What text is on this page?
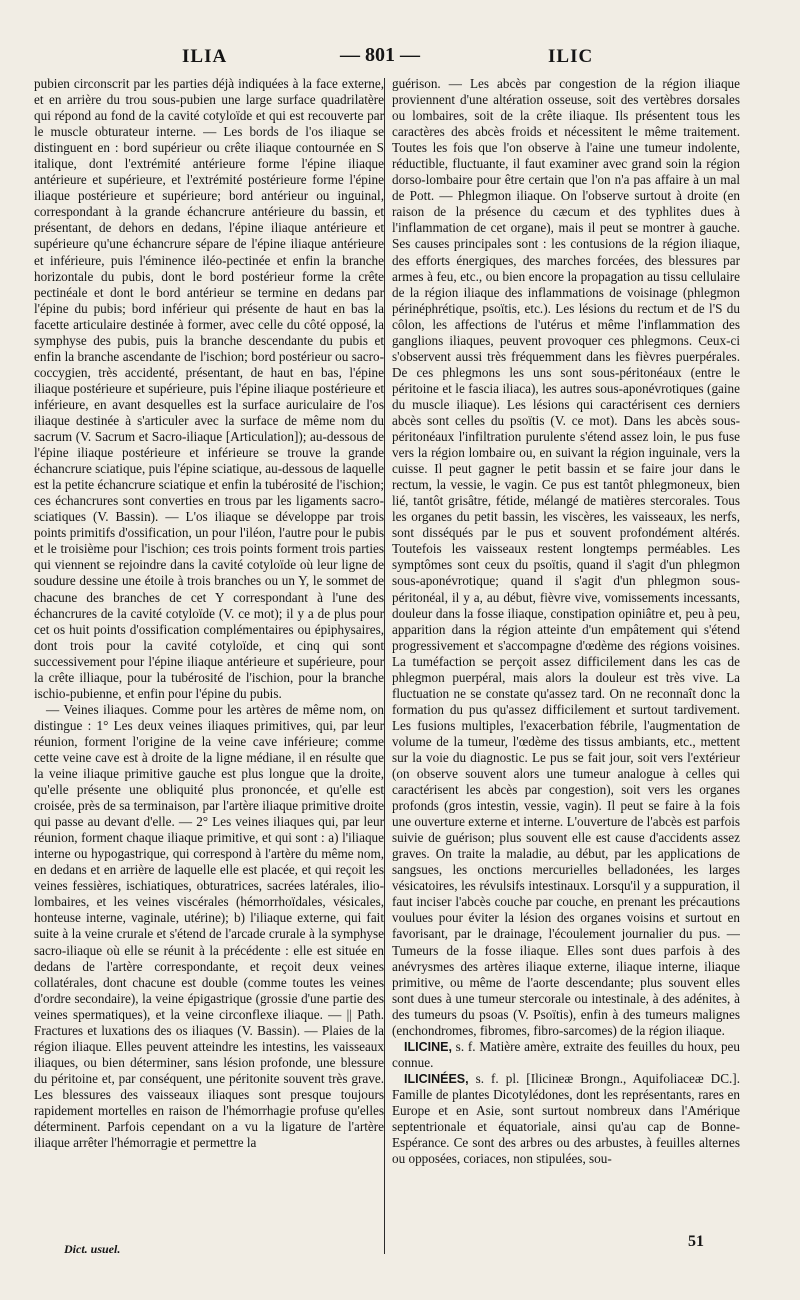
ILIA	— 801 —	ILIC

pubien circonscrit par les parties déjà indiquées à la face externe, et en arrière du trou sous-pubien une large surface quadrilatère qui répond au fond de la cavité cotyloïde et qui est recouverte par le muscle obturateur interne. — Les bords de l'os iliaque se distinguent en : bord supérieur ou crête iliaque contournée en S italique, dont l'extrémité antérieure forme l'épine iliaque antérieure et supérieure, et l'extrémité postérieure forme l'épine iliaque postérieure et supérieure; bord antérieur ou inguinal, correspondant à la grande échancrure antérieure du bassin, et présentant, de dehors en dedans, l'épine iliaque antérieure et supérieure qu'une échancrure sépare de l'épine iliaque antérieure et inférieure, puis l'éminence iléo-pectinée et enfin la branche horizontale du pubis, dont le bord postérieur forme la crête pectinéale et dont le bord antérieur se termine en dedans par l'épine du pubis; bord inférieur qui présente de haut en bas la facette articulaire destinée à former, avec celle du côté opposé, la symphyse des pubis, puis la branche descendante du pubis et enfin la branche ascendante de l'ischion; bord postérieur ou sacro-coccygien, très accidenté, présentant, de haut en bas, l'épine iliaque postérieure et supérieure, puis l'épine iliaque postérieure et inférieure, en avant desquelles est la surface auriculaire de l'os iliaque destinée à s'articuler avec la surface de même nom du sacrum (V. Sacrum et Sacro-iliaque [Articulation]); au-dessous de l'épine iliaque postérieure et inférieure se trouve la grande échancrure sciatique, puis l'épine sciatique, au-dessous de laquelle est la petite échancrure sciatique et enfin la tubérosité de l'ischion; ces échancrures sont converties en trous par les ligaments sacro-sciatiques (V. Bassin). — L'os iliaque se développe par trois points primitifs d'ossification, un pour l'iléon, l'autre pour le pubis et le troisième pour l'ischion; ces trois points forment trois parties qui viennent se rejoindre dans la cavité cotyloïde où leur ligne de soudure dessine une étoile à trois branches ou un Y, le sommet de chacune des branches de cet Y correspondant à l'une des échancrures de la cavité cotyloïde (V. ce mot); il y a de plus pour cet os huit points d'ossification complémentaires ou épiphysaires, dont trois pour la cavité cotyloïde, et cinq qui sont successivement pour l'épine iliaque antérieure et supérieure, pour la crête illiaque, pour la tubérosité de l'ischion, pour la branche ischio-pubienne, et enfin pour l'épine du pubis.

— Veines iliaques. Comme pour les artères de même nom, on distingue : 1° Les deux veines iliaques primitives, qui, par leur réunion, forment l'origine de la veine cave inférieure; comme cette veine cave est à droite de la ligne médiane, il en résulte que la veine iliaque primitive gauche est plus longue que la droite, qu'elle présente une obliquité plus prononcée, et qu'elle est croisée, près de sa terminaison, par l'artère iliaque primitive droite qui passe au devant d'elle. — 2° Les veines iliaques qui, par leur réunion, forment chaque iliaque primitive, et qui sont : a) l'iliaque interne ou hypogastrique, qui correspond à l'artère du même nom, en dedans et en arrière de laquelle elle est placée, et qui reçoit les veines fessières, ischiatiques, obturatrices, sacrées latérales, ilio-lombaires, et les veines viscérales (hémorrhoïdales, vésicales, honteuse interne, vaginale, utérine); b) l'iliaque externe, qui fait suite à la veine crurale et s'étend de l'arcade crurale à la symphyse sacro-iliaque où elle se réunit à la précédente : elle est située en dedans de l'artère correspondante, et reçoit deux veines collatérales, dont chacune est double (comme toutes les veines d'ordre secondaire), la veine épigastrique (grossie d'une partie des veines spermatiques), et la veine circonflexe iliaque. — || Path. Fractures et luxations des os iliaques (V. Bassin). — Plaies de la région iliaque. Elles peuvent atteindre les intestins, les vaisseaux iliaques, ou bien déterminer, sans lésion profonde, une blessure du péritoine et, par conséquent, une péritonite souvent très grave. Les blessures des vaisseaux iliaques sont presque toujours rapidement mortelles en raison de l'hémorrhagie profuse qu'elles déterminent. Parfois cependant on a vu la ligature de l'artère iliaque arrêter l'hémorragie et permettre la

guérison. — Les abcès par congestion de la région iliaque proviennent d'une altération osseuse, soit des vertèbres dorsales ou lombaires, soit de la crête iliaque. Ils présentent tous les caractères des abcès froids et nécessitent le même traitement. Toutes les fois que l'on observe à l'aine une tumeur indolente, réductible, fluctuante, il faut examiner avec grand soin la région dorso-lombaire pour être certain que l'on n'a pas affaire à un mal de Pott. — Phlegmon iliaque. On l'observe surtout à droite (en raison de la présence du cæcum et des typhlites dues à l'inflammation de cet organe), mais il peut se montrer à gauche. Ses causes principales sont : les contusions de la région iliaque, des efforts énergiques, des marches forcées, des blessures par armes à feu, etc., ou bien encore la propagation au tissu cellulaire de la région iliaque des inflammations de voisinage (phlegmon périnéphrétique, psoïtis, etc.). Les lésions du rectum et de l'S du côlon, les affections de l'utérus et même l'inflammation des ganglions iliaques, peuvent provoquer ces phlegmons. Ceux-ci s'observent aussi très fréquemment dans les fièvres puerpérales. De ces phlegmons les uns sont sous-péritonéaux (entre le péritoine et le fascia iliaca), les autres sous-aponévrotiques (gaine du muscle iliaque). Les lésions qui caractérisent ces derniers abcès sont celles du psoïtis (V. ce mot). Dans les abcès sous-péritonéaux l'infiltration purulente s'étend assez loin, le pus fuse vers la région lombaire ou, en suivant la région inguinale, vers la cuisse. Il peut gagner le petit bassin et se faire jour dans le rectum, la vessie, le vagin. Ce pus est tantôt phlegmoneux, bien lié, tantôt grisâtre, fétide, mélangé de matières stercorales. Tous les organes du petit bassin, les viscères, les vaisseaux, les nerfs, sont disséqués par le pus et souvent profondément altérés. Toutefois les vaisseaux restent longtemps perméables. Les symptômes sont ceux du psoïtis, quand il s'agit d'un phlegmon sous-aponévrotique; quand il s'agit d'un phlegmon sous-péritonéal, il y a, au début, fièvre vive, vomissements incessants, douleur dans la fosse iliaque, constipation opiniâtre et, peu à peu, apparition dans la région atteinte d'un empâtement qui s'étend progressivement et s'accompagne d'œdème des régions voisines. La tuméfaction se perçoit assez difficilement dans les cas de phlegmon puerpéral, mais alors la douleur est très vive. La fluctuation ne se constate qu'assez tard. On ne reconnaît donc la formation du pus qu'assez difficilement et surtout tardivement. Les fusions multiples, l'exacerbation fébrile, l'augmentation de volume de la tumeur, l'œdème des tissus ambiants, etc., mettent sur la voie du diagnostic. Le pus se fait jour, soit vers l'extérieur (on observe souvent alors une tumeur analogue à celles qui caractérisent les abcès par congestion), soit vers les organes profonds (gros intestin, vessie, vagin). Il peut se faire à la fois une ouverture externe et interne. L'ouverture de l'abcès est parfois suivie de guérison; plus souvent elle est cause d'accidents assez graves. On traite la maladie, au début, par les applications de sangsues, les onctions mercurielles belladonées, les larges vésicatoires, les révulsifs intestinaux. Lorsqu'il y a suppuration, il faut inciser l'abcès couche par couche, en prenant les précautions voulues pour éviter la lésion des organes voisins et surtout en favorisant, par le drainage, l'écoulement journalier du pus. — Tumeurs de la fosse iliaque. Elles sont dues parfois à des anévrysmes des artères iliaque externe, iliaque interne, iliaque primitive, ou même de l'aorte descendante; plus souvent elles sont dues à une tumeur stercorale ou intestinale, à des adénites, à des tumeurs du psoas (V. Psoïtis), enfin à des tumeurs malignes (enchondromes, fibromes, fibro-sarcomes) de la région iliaque.

ILICINE, s. f. Matière amère, extraite des feuilles du houx, peu connue.

ILICINÉES, s. f. pl. [Ilicineæ Brongn., Aquifoliaceæ DC.]. Famille de plantes Dicotylédones, dont les représentants, rares en Europe et en Asie, sont surtout nombreux dans l'Amérique septentrionale et équatoriale, ainsi qu'au cap de Bonne-Espérance. Ce sont des arbres ou des arbustes, à feuilles alternes ou opposées, coriaces, non stipulées, sou-

Dict. usuel.	51
